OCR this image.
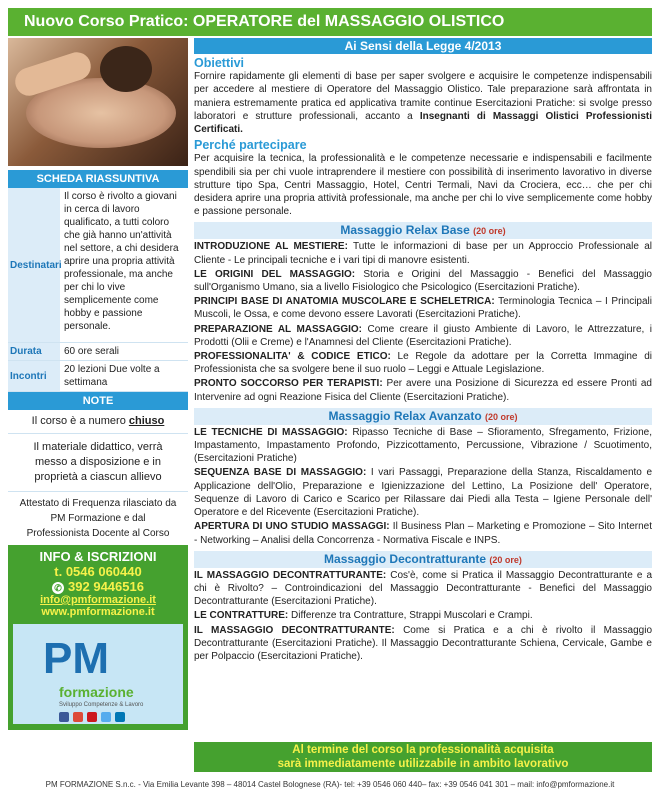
Nuovo Corso Pratico: OPERATORE del MASSAGGIO OLISTICO
SCHEDA RIASSUNTIVA
Destinatari
Il corso è rivolto a giovani in cerca di lavoro qualificato, a tutti coloro che già hanno un'attività nel settore, a chi desidera aprire una propria attività professionale, ma anche per chi lo vive semplicemente come hobby e passione personale.
Durata	60 ore serali
Incontri
20 lezioni Due volte a settimana
NOTE
Il corso è a numero chiuso
Il materiale didattico, verrà messo a disposizione e in proprietà a ciascun allievo
Attestato di Frequenza rilasciato da PM Formazione e dal Professionista Docente al Corso
INFO & ISCRIZIONI
t. 0546 060440
✆ 392 9446516
info@pmformazione.it
www.pmformazione.it
PM
formazione
Sviluppo Competenze & Lavoro
Ai Sensi della Legge 4/2013
Obiettivi
Fornire rapidamente gli elementi di base per saper svolgere e acquisire le competenze indispensabili per accedere al mestiere di Operatore del Massaggio Olistico. Tale preparazione sarà affrontata in maniera estremamente pratica ed applicativa tramite continue Esercitazioni Pratiche: si svolge presso laboratori e strutture professionali, accanto a Insegnanti di Massaggi Olistici Professionisti Certificati.
Perché partecipare
Per acquisire la tecnica, la professionalità e le competenze necessarie e indispensabili e facilmente spendibili sia per chi vuole intraprendere il mestiere con possibilità di inserimento lavorativo in diverse strutture tipo Spa, Centri Massaggio, Hotel, Centri Termali, Navi da Crociera, ecc… che per chi desidera aprire una propria attività professionale, ma anche per chi lo vive semplicemente come hobby e passione personale.
Massaggio Relax Base (20 ore)
INTRODUZIONE AL MESTIERE: Tutte le informazioni di base per un Approccio Professionale al Cliente - Le principali tecniche e i vari tipi di manovre esistenti.
LE ORIGINI DEL MASSAGGIO: Storia e Origini del Massaggio - Benefici del Massaggio sull'Organismo Umano, sia a livello Fisiologico che Psicologico (Esercitazioni Pratiche).
PRINCIPI BASE DI ANATOMIA MUSCOLARE E SCHELETRICA: Terminologia Tecnica – I Principali Muscoli, le Ossa, e come devono essere Lavorati (Esercitazioni Pratiche).
PREPARAZIONE AL MASSAGGIO: Come creare il giusto Ambiente di Lavoro, le Attrezzature, i Prodotti (Olii e Creme) e l'Anamnesi del Cliente (Esercitazioni Pratiche).
PROFESSIONALITA' & CODICE ETICO: Le Regole da adottare per la Corretta Immagine di Professionista che sa svolgere bene il suo ruolo – Leggi e Attuale Legislazione.
PRONTO SOCCORSO PER TERAPISTI: Per avere una Posizione di Sicurezza ed essere Pronti ad Intervenire ad ogni Reazione Fisica del Cliente (Esercitazioni Pratiche).
Massaggio Relax Avanzato (20 ore)
LE TECNICHE DI MASSAGGIO: Ripasso Tecniche di Base – Sfioramento, Sfregamento, Frizione, Impastamento, Impastamento Profondo, Pizzicottamento, Percussione, Vibrazione / Scuotimento, (Esercitazioni Pratiche)
SEQUENZA BASE DI MASSAGGIO: I vari Passaggi, Preparazione della Stanza, Riscaldamento e Applicazione dell'Olio, Preparazione e Igienizzazione del Lettino, La Posizione dell' Operatore, Sequenze di Lavoro di Carico e Scarico per Rilassare dai Piedi alla Testa – Igiene Personale dell' Operatore e del Ricevente (Esercitazioni Pratiche).
APERTURA DI UNO STUDIO MASSAGGI: Il Business Plan – Marketing e Promozione – Sito Internet - Networking – Analisi della Concorrenza - Normativa Fiscale e INPS.
Massaggio Decontratturante (20 ore)
IL MASSAGGIO DECONTRATTURANTE: Cos'è, come si Pratica il Massaggio Decontratturante e a chi è Rivolto? – Controindicazioni del Massaggio Decontratturante - Benefici del Massaggio Decontratturante (Esercitazioni Pratiche).
LE CONTRATTURE: Differenze tra Contratture, Strappi Muscolari e Crampi.
IL MASSAGGIO DECONTRATTURANTE: Come si Pratica e a chi è rivolto il Massaggio Decontratturante (Esercitazioni Pratiche). Il Massaggio Decontratturante Schiena, Cervicale, Gambe e per Polpaccio (Esercitazioni Pratiche).
Al termine del corso la professionalità acquisita
sarà immediatamente utilizzabile in ambito lavorativo
PM FORMAZIONE S.n.c. - Via Emilia Levante 398 – 48014 Castel Bolognese (RA)- tel: +39 0546 060 440– fax: +39 0546 041 301 – mail: info@pmformazione.it
